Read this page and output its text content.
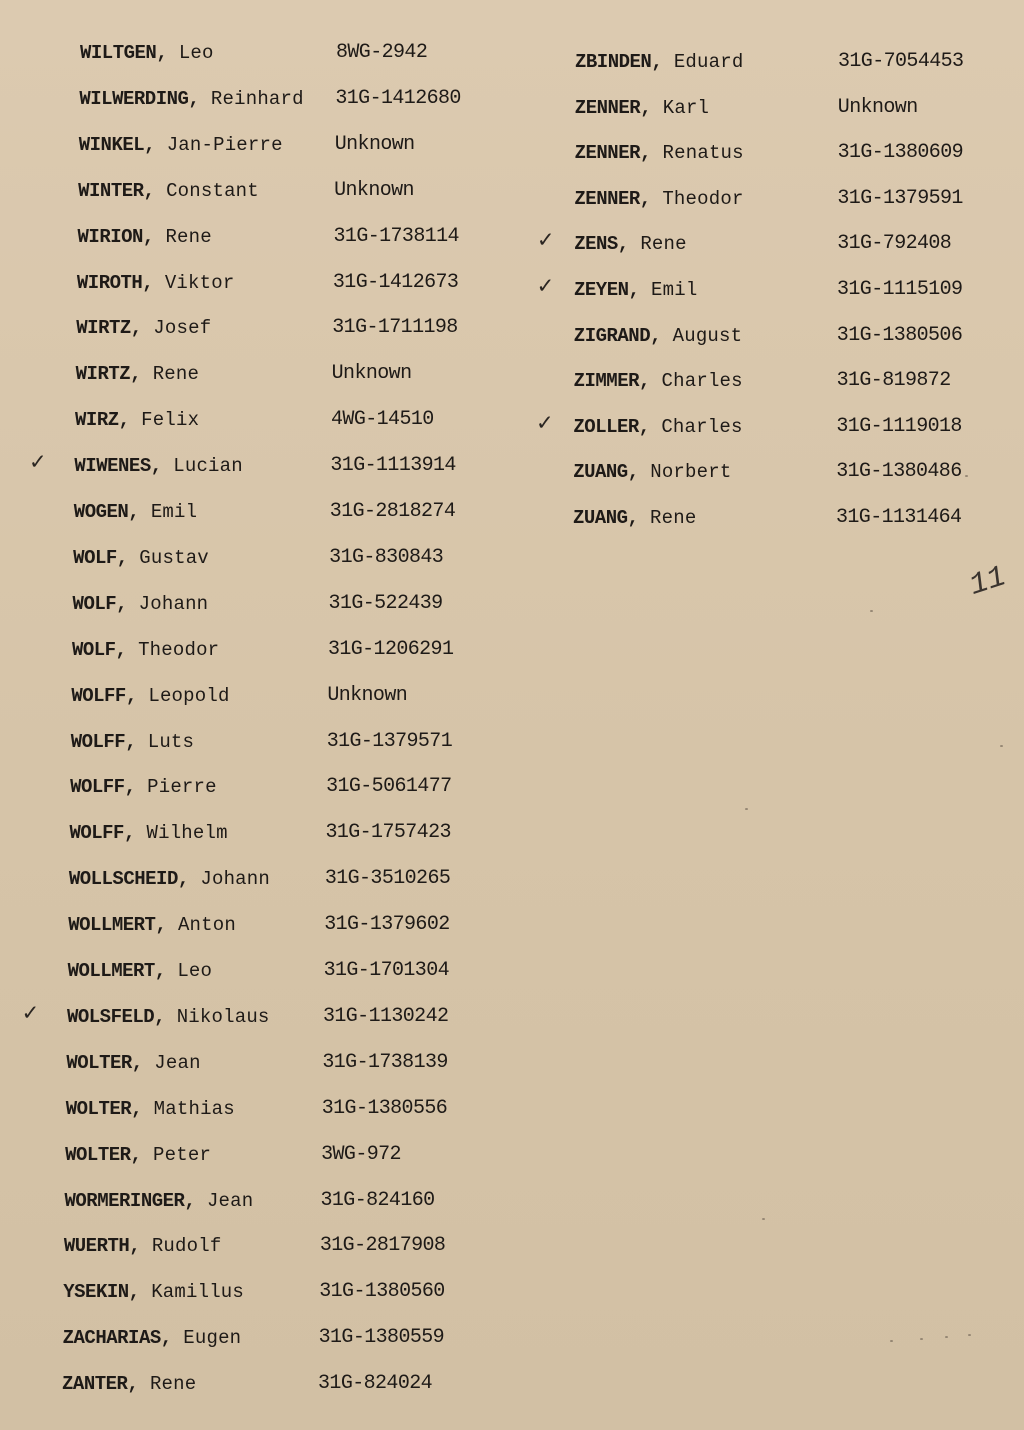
WILTGEN, Leo	8WG-2942
WILWERDING, Reinhard 31G-1412680
WINKEL, Jan-Pierre	Unknown
WINTER, Constant	Unknown
WIRION, Rene	31G-1738114
WIROTH, Viktor	31G-1412673
WIRTZ, Josef	31G-1711198
WIRTZ, Rene	Unknown
WIRZ, Felix	4WG-14510
✓ WIWENES, Lucian	31G-1113914
WOGEN, Emil	31G-2818274
WOLF, Gustav	31G-830843
WOLF, Johann	31G-522439
WOLF, Theodor	31G-1206291
WOLFF, Leopold	Unknown
WOLFF, Luts	31G-1379571
WOLFF, Pierre	31G-5061477
WOLFF, Wilhelm	31G-1757423
WOLLSCHEID, Johann	31G-3510265
WOLLMERT, Anton	31G-1379602
WOLLMERT, Leo	31G-1701304
✓ WOLSFELD, Nikolaus	31G-1130242
WOLTER, Jean	31G-1738139
WOLTER, Mathias	31G-1380556
WOLTER, Peter	3WG-972
WORMERINGER, Jean	31G-824160
WUERTH, Rudolf	31G-2817908
YSEKIN, Kamillus	31G-1380560
ZACHARIAS, Eugen	31G-1380559
ZANTER, Rene	31G-824024
ZBINDEN, Eduard	31G-7054453
ZENNER, Karl	Unknown
ZENNER, Renatus	31G-1380609
ZENNER, Theodor	31G-1379591
✓ ZENS, Rene	31G-792408
✓ ZEYEN, Emil	31G-1115109
ZIGRAND, August	31G-1380506
ZIMMER, Charles	31G-819872
✓ ZOLLER, Charles	31G-1119018
ZUANG, Norbert	31G-1380486
ZUANG, Rene	31G-1131464
11
